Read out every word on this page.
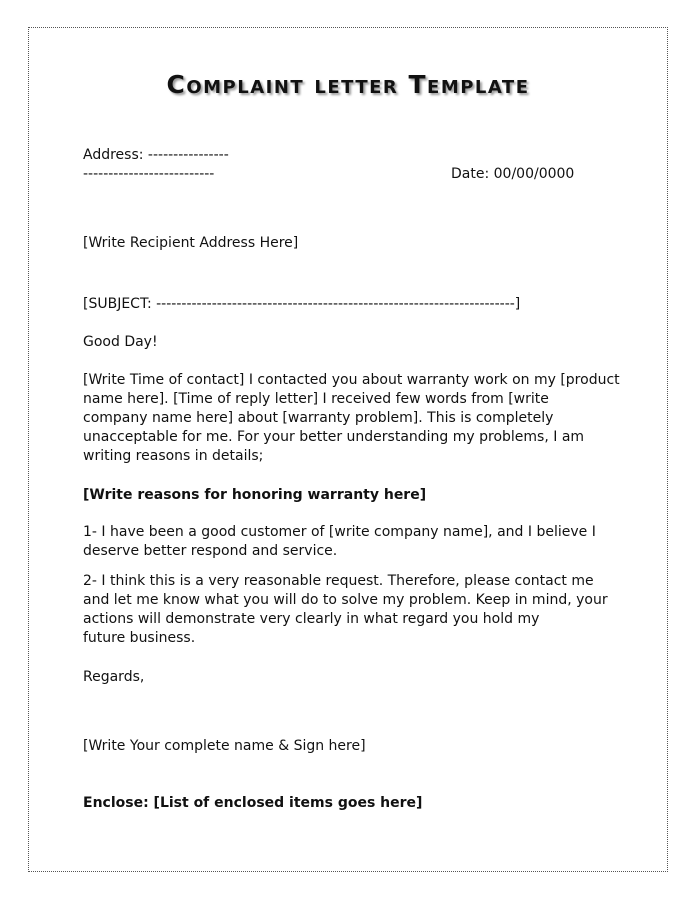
Complaint letter Template

Address: ----------------

--------------------------	Date: 00/00/0000

[Write Recipient Address Here]

[SUBJECT: -----------------------------------------------------------------------]

Good Day!

[Write Time of contact] I contacted you about warranty work on my [product
name here]. [Time of reply letter] I received few words from [write
company name here] about [warranty problem]. This is completely
unacceptable for me. For your better understanding my problems, I am
writing reasons in details;

[Write reasons for honoring warranty here]

1- I have been a good customer of [write company name], and I believe I
deserve better respond and service.
2- I think this is a very reasonable request. Therefore, please contact me
and let me know what you will do to solve my problem. Keep in mind, your
actions will demonstrate very clearly in what regard you hold my
future business.

Regards,

[Write Your complete name & Sign here]

Enclose: [List of enclosed items goes here]
